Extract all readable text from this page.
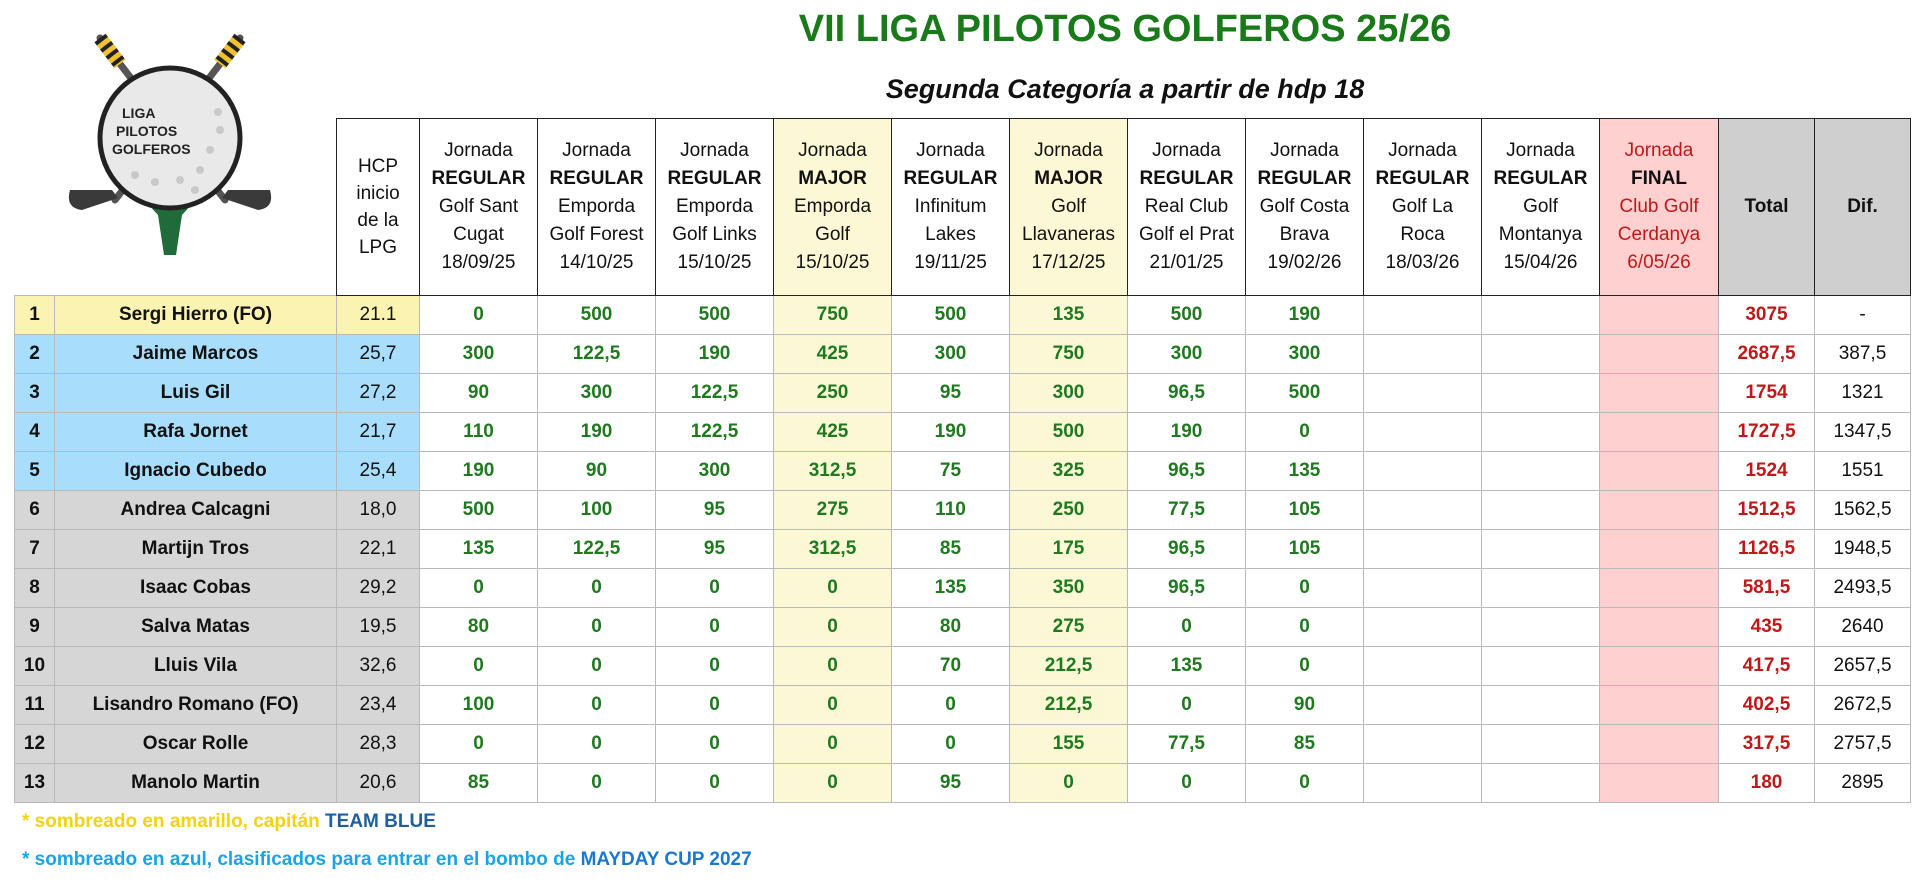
LIGA
PILOTOS
GOLFEROS
VII LIGA PILOTOS GOLFEROS 25/26
Segunda Categoría a partir de hdp 18

		HCP
inicio
de la
LPG	Jornada
REGULAR
Golf Sant
Cugat
18/09/25	Jornada
REGULAR
Emporda
Golf Forest
14/10/25	Jornada
REGULAR
Emporda
Golf Links
15/10/25	Jornada
MAJOR
Emporda
Golf
15/10/25	Jornada
REGULAR
Infinitum
Lakes
19/11/25	Jornada
MAJOR
Golf
Llavaneras
17/12/25	Jornada
REGULAR
Real Club
Golf el Prat
21/01/25	Jornada
REGULAR
Golf Costa
Brava
19/02/26	Jornada
REGULAR
Golf La
Roca
18/03/26	Jornada
REGULAR
Golf
Montanya
15/04/26	Jornada
FINAL
Club Golf
Cerdanya
6/05/26	Total	Dif.
1	Sergi Hierro (FO)	21.1	0	500	500	750	500	135	500	190				3075	-
2	Jaime Marcos	25,7	300	122,5	190	425	300	750	300	300				2687,5	387,5
3	Luis Gil	27,2	90	300	122,5	250	95	300	96,5	500				1754	1321
4	Rafa Jornet	21,7	110	190	122,5	425	190	500	190	0				1727,5	1347,5
5	Ignacio Cubedo	25,4	190	90	300	312,5	75	325	96,5	135				1524	1551
6	Andrea Calcagni	18,0	500	100	95	275	110	250	77,5	105				1512,5	1562,5
7	Martijn Tros	22,1	135	122,5	95	312,5	85	175	96,5	105				1126,5	1948,5
8	Isaac Cobas	29,2	0	0	0	0	135	350	96,5	0				581,5	2493,5
9	Salva Matas	19,5	80	0	0	0	80	275	0	0				435	2640
10	Lluis Vila	32,6	0	0	0	0	70	212,5	135	0				417,5	2657,5
11	Lisandro Romano (FO)	23,4	100	0	0	0	0	212,5	0	90				402,5	2672,5
12	Oscar Rolle	28,3	0	0	0	0	0	155	77,5	85				317,5	2757,5
13	Manolo Martin	20,6	85	0	0	0	95	0	0	0				180	2895
* sombreado en amarillo, capitán TEAM BLUE
* sombreado en azul, clasificados para entrar en el bombo de MAYDAY CUP 2027
